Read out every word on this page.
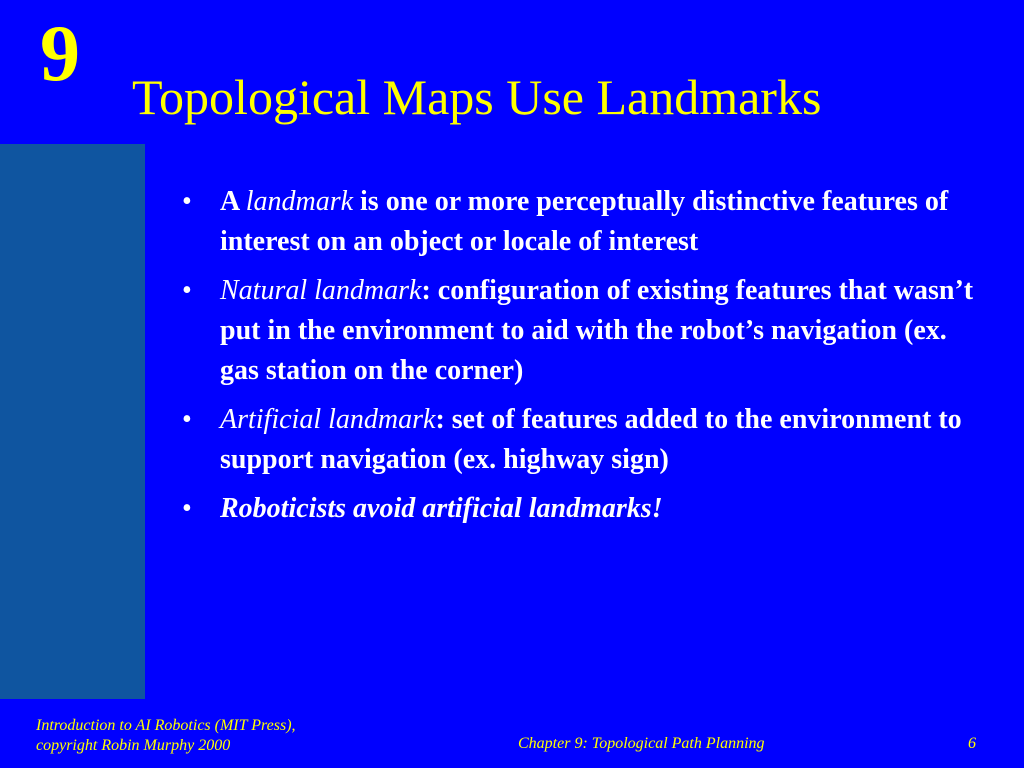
9 Topological Maps Use Landmarks
• A landmark is one or more perceptually distinctive features of interest on an object or locale of interest
• Natural landmark: configuration of existing features that wasn’t put in the environment to aid with the robot’s navigation (ex. gas station on the corner)
• Artificial landmark: set of features added to the environment to support navigation (ex. highway sign)
• Roboticists avoid artificial landmarks!
Introduction to AI Robotics (MIT Press),
copyright Robin Murphy 2000	Chapter 9: Topological Path Planning	6
